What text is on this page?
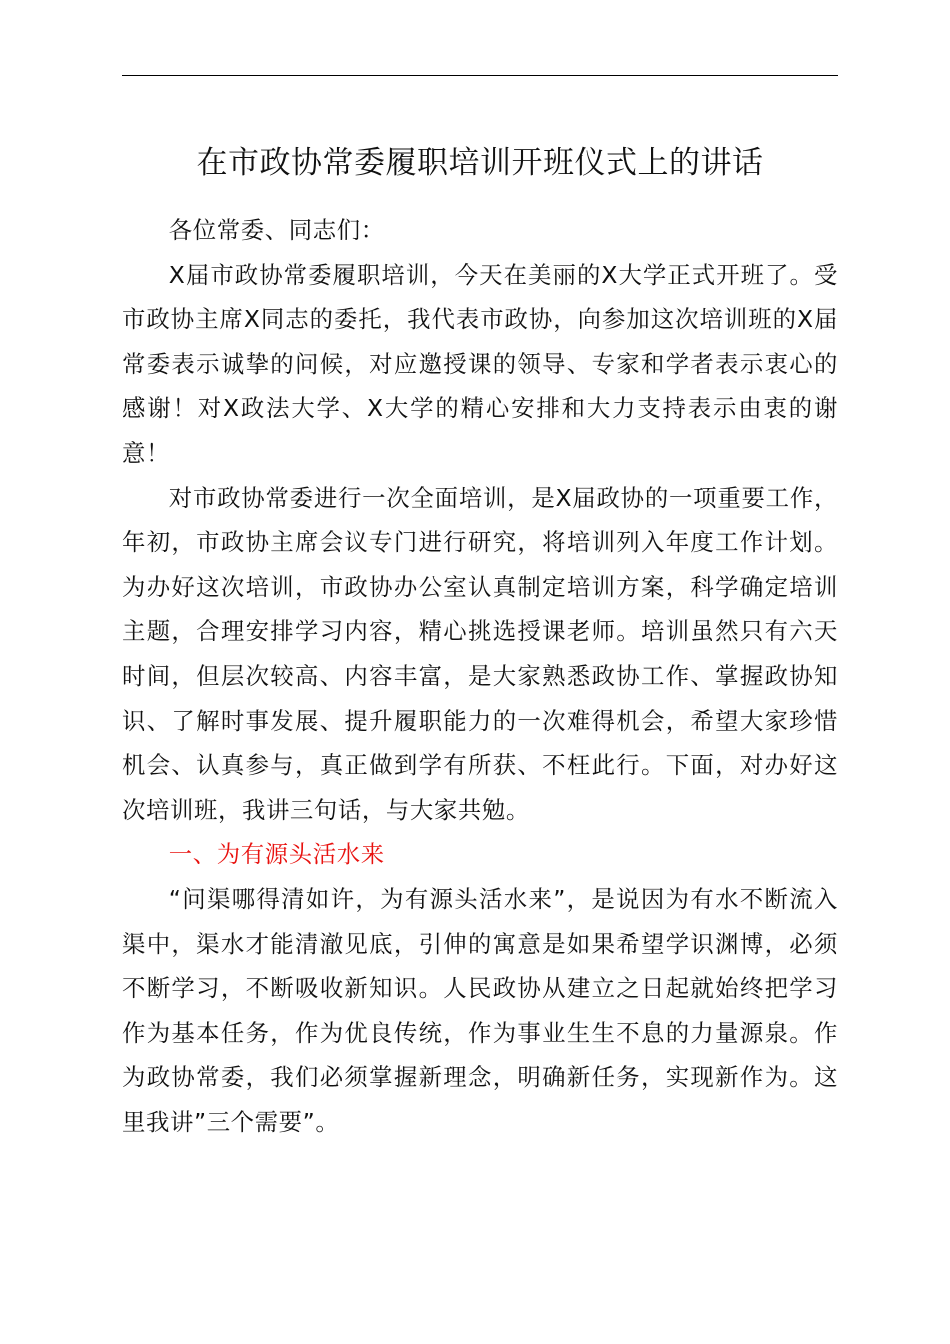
在市政协常委履职培训开班仪式上的讲话

各位常委、同志们：

X届市政协常委履职培训，今天在美丽的X大学正式开班了。受市政协主席X同志的委托，我代表市政协，向参加这次培训班的X届常委表示诚挚的问候，对应邀授课的领导、专家和学者表示衷心的感谢！对X政法大学、X大学的精心安排和大力支持表示由衷的谢意！

对市政协常委进行一次全面培训，是X届政协的一项重要工作，年初，市政协主席会议专门进行研究，将培训列入年度工作计划。为办好这次培训，市政协办公室认真制定培训方案，科学确定培训主题，合理安排学习内容，精心挑选授课老师。培训虽然只有六天时间，但层次较高、内容丰富，是大家熟悉政协工作、掌握政协知识、了解时事发展、提升履职能力的一次难得机会，希望大家珍惜机会、认真参与，真正做到学有所获、不枉此行。下面，对办好这次培训班，我讲三句话，与大家共勉。

一、为有源头活水来

“问渠哪得清如许，为有源头活水来”，是说因为有水不断流入渠中，渠水才能清澈见底，引伸的寓意是如果希望学识渊博，必须不断学习，不断吸收新知识。人民政协从建立之日起就始终把学习作为基本任务，作为优良传统，作为事业生生不息的力量源泉。作为政协常委，我们必须掌握新理念，明确新任务，实现新作为。这里我讲”三个需要”。
